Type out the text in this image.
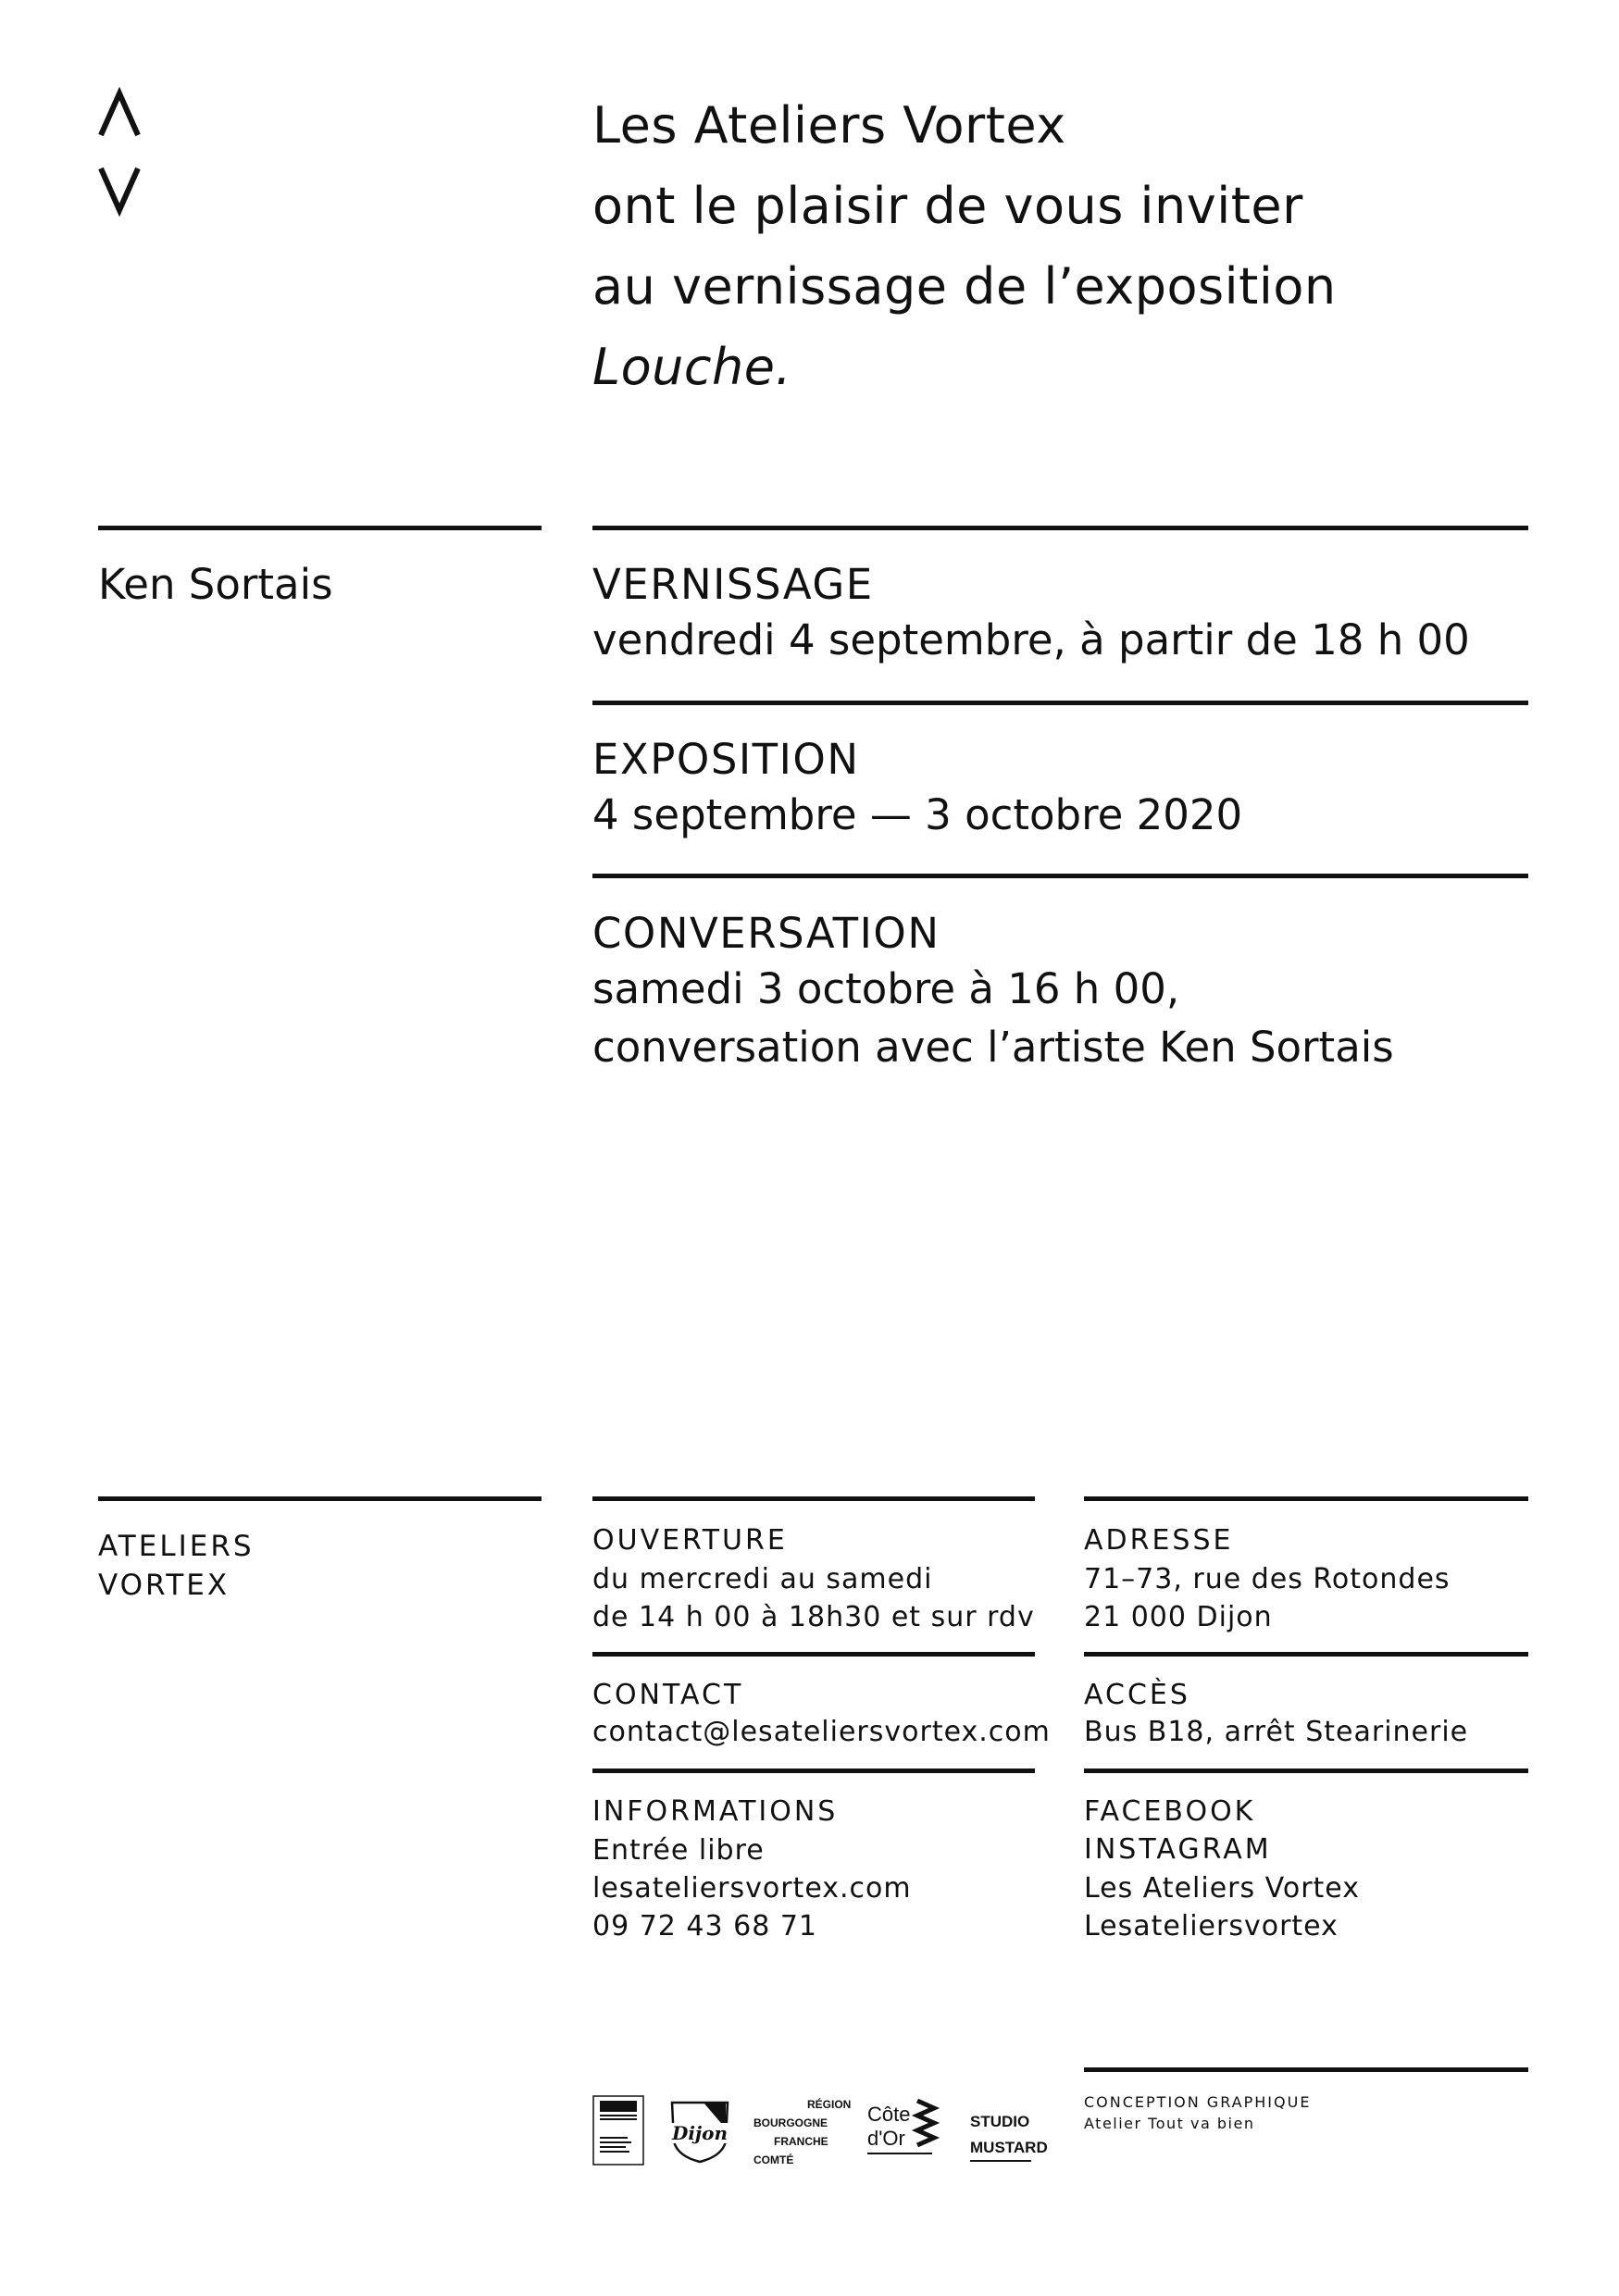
Les Ateliers Vortex
ont le plaisir de vous inviter
au vernissage de l’exposition
Louche.
Ken Sortais	VERNISSAGE
vendredi 4 septembre, à partir de 18 h 00
EXPOSITION
4 septembre — 3 octobre 2020
CONVERSATION
samedi 3 octobre à 16 h 00,
conversation avec l’artiste Ken Sortais
ATELIERS
VORTEX
OUVERTURE
du mercredi au samedi
de 14 h 00 à 18h30 et sur rdv
CONTACT
contact@lesateliersvortex.com
INFORMATIONS
Entrée libre
lesateliersvortex.com
09 72 43 68 71
ADRESSE
71–73, rue des Rotondes
21 000 Dijon
ACCÈS
Bus B18, arrêt Stearinerie
FACEBOOK
INSTAGRAM
Les Ateliers Vortex
Lesateliersvortex
CONCEPTION GRAPHIQUE
Atelier Tout va bien
Dijon
RÉGION
BOURGOGNE
FRANCHE
COMTÉ
Côte
d'Or
STUDIO
MUSTARD
